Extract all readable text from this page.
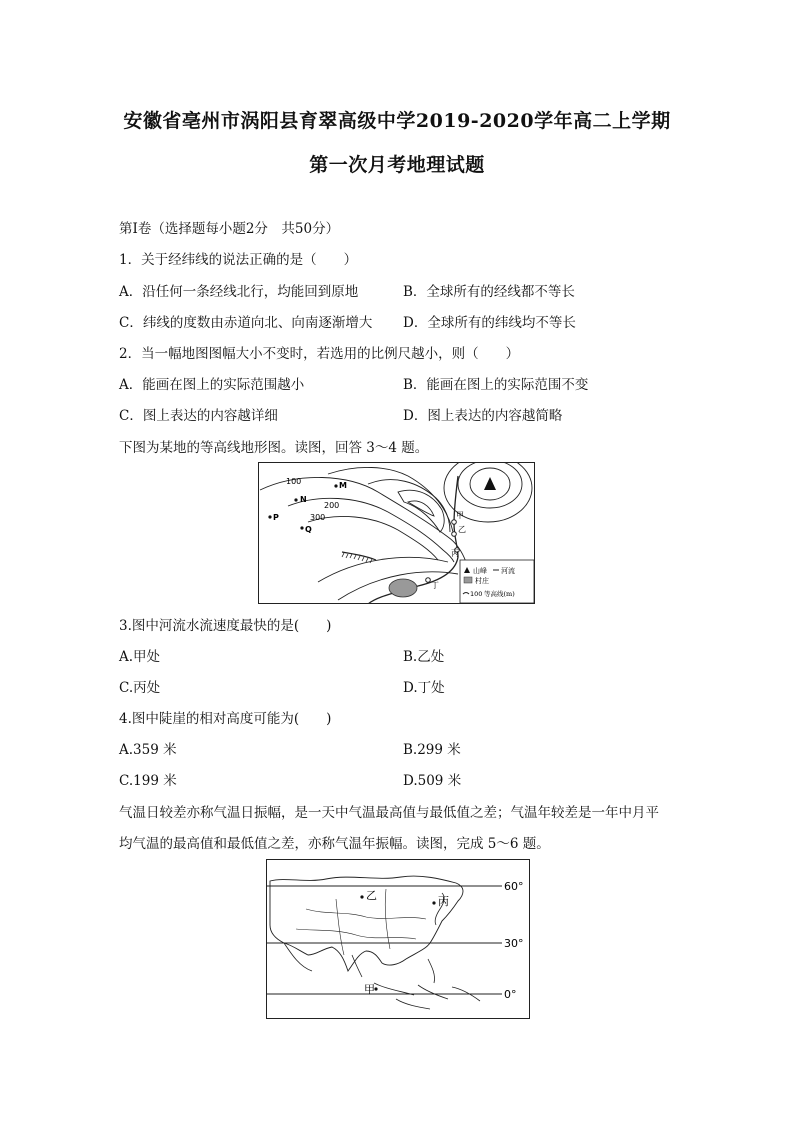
安徽省亳州市涡阳县育翠高级中学2019-2020学年高二上学期
第一次月考地理试题
第Ⅰ卷（选择题每小题2分　共50分）
1．关于经纬线的说法正确的是（　　）
A．沿任何一条经线北行，均能回到原地	B．全球所有的经线都不等长
C．纬线的度数由赤道向北、向南逐渐增大 D．全球所有的纬线均不等长
2．当一幅地图图幅大小不变时，若选用的比例尺越小，则（　　）
A．能画在图上的实际范围越小	B．能画在图上的实际范围不变
C．图上表达的内容越详细	D．图上表达的内容越简略
下图为某地的等高线地形图。读图，回答 3～4 题。
100
200
300
M
N
P
Q
甲
乙
丙
丁
山峰 河流
村庄
100 等高线(m)
3.图中河流水流速度最快的是(　　)
A.甲处	B.乙处
C.丙处	D.丁处
4.图中陡崖的相对高度可能为(　　)
A.359 米	B.299 米
C.199 米	D.509 米
气温日较差亦称气温日振幅，是一天中气温最高值与最低值之差；气温年较差是一年中月平
均气温的最高值和最低值之差，亦称气温年振幅。读图，完成 5～6 题。
60°
30°
0°
乙	丙
甲
